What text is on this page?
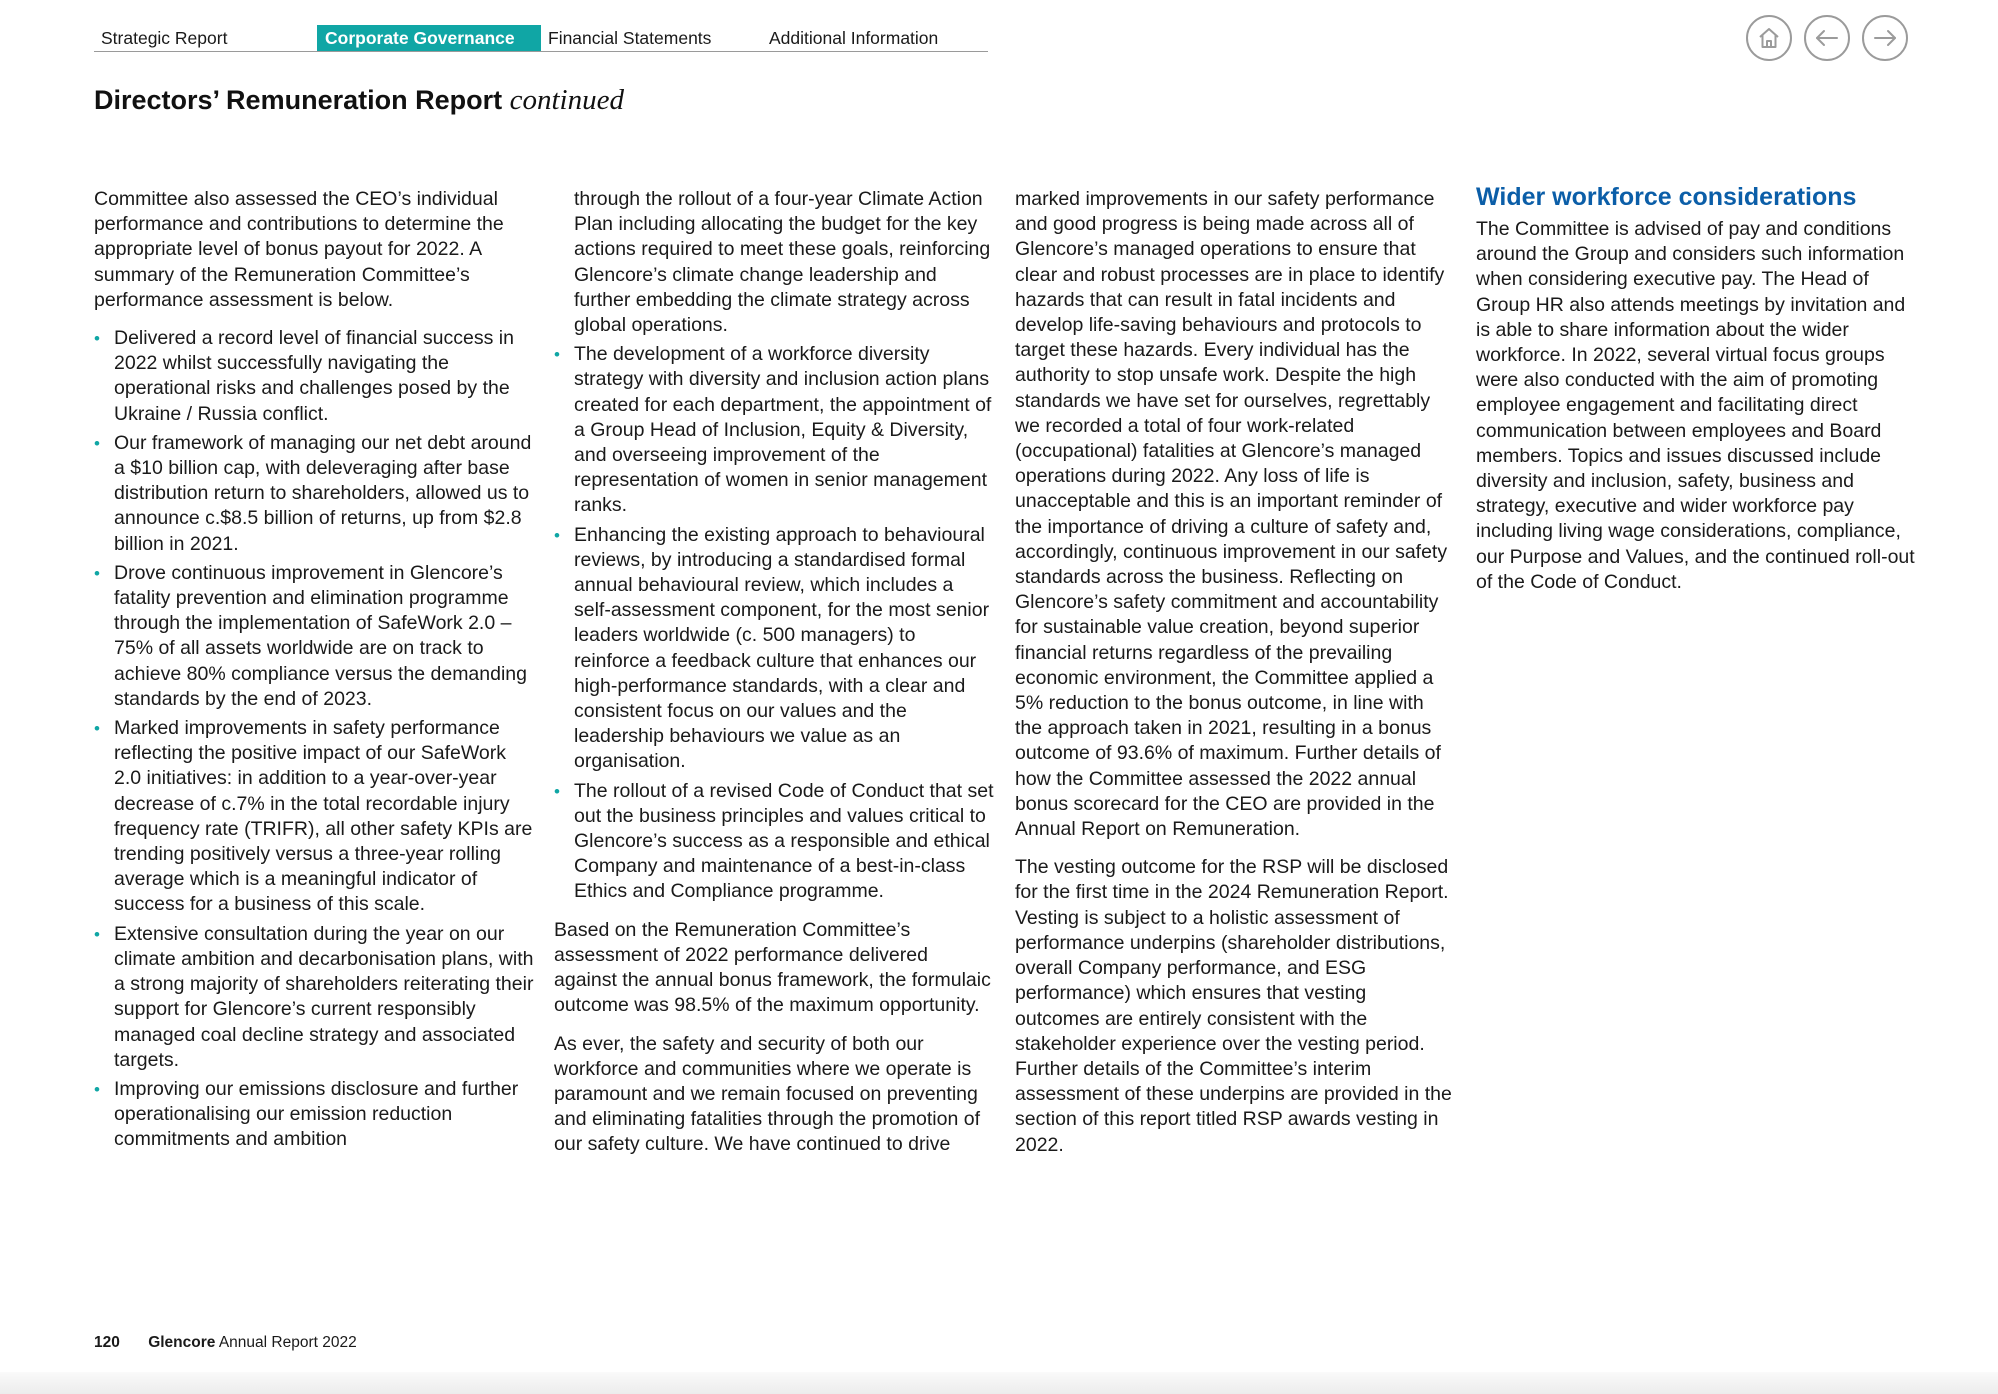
Strategic Report	Corporate Governance	Financial Statements	Additional Information
Directors’ Remuneration Report continued

Committee also assessed the CEO’s individual performance and contributions to determine the appropriate level of bonus payout for 2022. A summary of the Remuneration Committee’s performance assessment is below.

• Delivered a record level of financial success in 2022 whilst successfully navigating the operational risks and challenges posed by the Ukraine / Russia conflict.
• Our framework of managing our net debt around a $10 billion cap, with deleveraging after base distribution return to shareholders, allowed us to announce c.$8.5 billion of returns, up from $2.8 billion in 2021.
• Drove continuous improvement in Glencore’s fatality prevention and elimination programme through the implementation of SafeWork 2.0 – 75% of all assets worldwide are on track to achieve 80% compliance versus the demanding standards by the end of 2023.
• Marked improvements in safety performance reflecting the positive impact of our SafeWork 2.0 initiatives: in addition to a year-over-year decrease of c.7% in the total recordable injury frequency rate (TRIFR), all other safety KPIs are trending positively versus a three-year rolling average which is a meaningful indicator of success for a business of this scale.
• Extensive consultation during the year on our climate ambition and decarbonisation plans, with a strong majority of shareholders reiterating their support for Glencore’s current responsibly managed coal decline strategy and associated targets.
• Improving our emissions disclosure and further operationalising our emission reduction commitments and ambition
through the rollout of a four-year Climate Action Plan including allocating the budget for the key actions required to meet these goals, reinforcing Glencore’s climate change leadership and further embedding the climate strategy across global operations.
• The development of a workforce diversity strategy with diversity and inclusion action plans created for each department, the appointment of a Group Head of Inclusion, Equity & Diversity, and overseeing improvement of the representation of women in senior management ranks.
• Enhancing the existing approach to behavioural reviews, by introducing a standardised formal annual behavioural review, which includes a self-assessment component, for the most senior leaders worldwide (c. 500 managers) to reinforce a feedback culture that enhances our high-performance standards, with a clear and consistent focus on our values and the leadership behaviours we value as an organisation.
• The rollout of a revised Code of Conduct that set out the business principles and values critical to Glencore’s success as a responsible and ethical Company and maintenance of a best-in-class Ethics and Compliance programme.

Based on the Remuneration Committee’s assessment of 2022 performance delivered against the annual bonus framework, the formulaic outcome was 98.5% of the maximum opportunity.

As ever, the safety and security of both our workforce and communities where we operate is paramount and we remain focused on preventing and eliminating fatalities through the promotion of our safety culture. We have continued to drive

marked improvements in our safety performance and good progress is being made across all of Glencore’s managed operations to ensure that clear and robust processes are in place to identify hazards that can result in fatal incidents and develop life-saving behaviours and protocols to target these hazards. Every individual has the authority to stop unsafe work. Despite the high standards we have set for ourselves, regrettably we recorded a total of four work-related (occupational) fatalities at Glencore’s managed operations during 2022. Any loss of life is unacceptable and this is an important reminder of the importance of driving a culture of safety and, accordingly, continuous improvement in our safety standards across the business. Reflecting on Glencore’s safety commitment and accountability for sustainable value creation, beyond superior financial returns regardless of the prevailing economic environment, the Committee applied a 5% reduction to the bonus outcome, in line with the approach taken in 2021, resulting in a bonus outcome of 93.6% of maximum. Further details of how the Committee assessed the 2022 annual bonus scorecard for the CEO are provided in the Annual Report on Remuneration.

The vesting outcome for the RSP will be disclosed for the first time in the 2024 Remuneration Report. Vesting is subject to a holistic assessment of performance underpins (shareholder distributions, overall Company performance, and ESG performance) which ensures that vesting outcomes are entirely consistent with the stakeholder experience over the vesting period. Further details of the Committee’s interim assessment of these underpins are provided in the section of this report titled RSP awards vesting in 2022.

Wider workforce considerations

The Committee is advised of pay and conditions around the Group and considers such information when considering executive pay. The Head of Group HR also attends meetings by invitation and is able to share information about the wider workforce. In 2022, several virtual focus groups were also conducted with the aim of promoting employee engagement and facilitating direct communication between employees and Board members. Topics and issues discussed include diversity and inclusion, safety, business and strategy, executive and wider workforce pay including living wage considerations, compliance, our Purpose and Values, and the continued roll-out of the Code of Conduct.

120 Glencore Annual Report 2022
